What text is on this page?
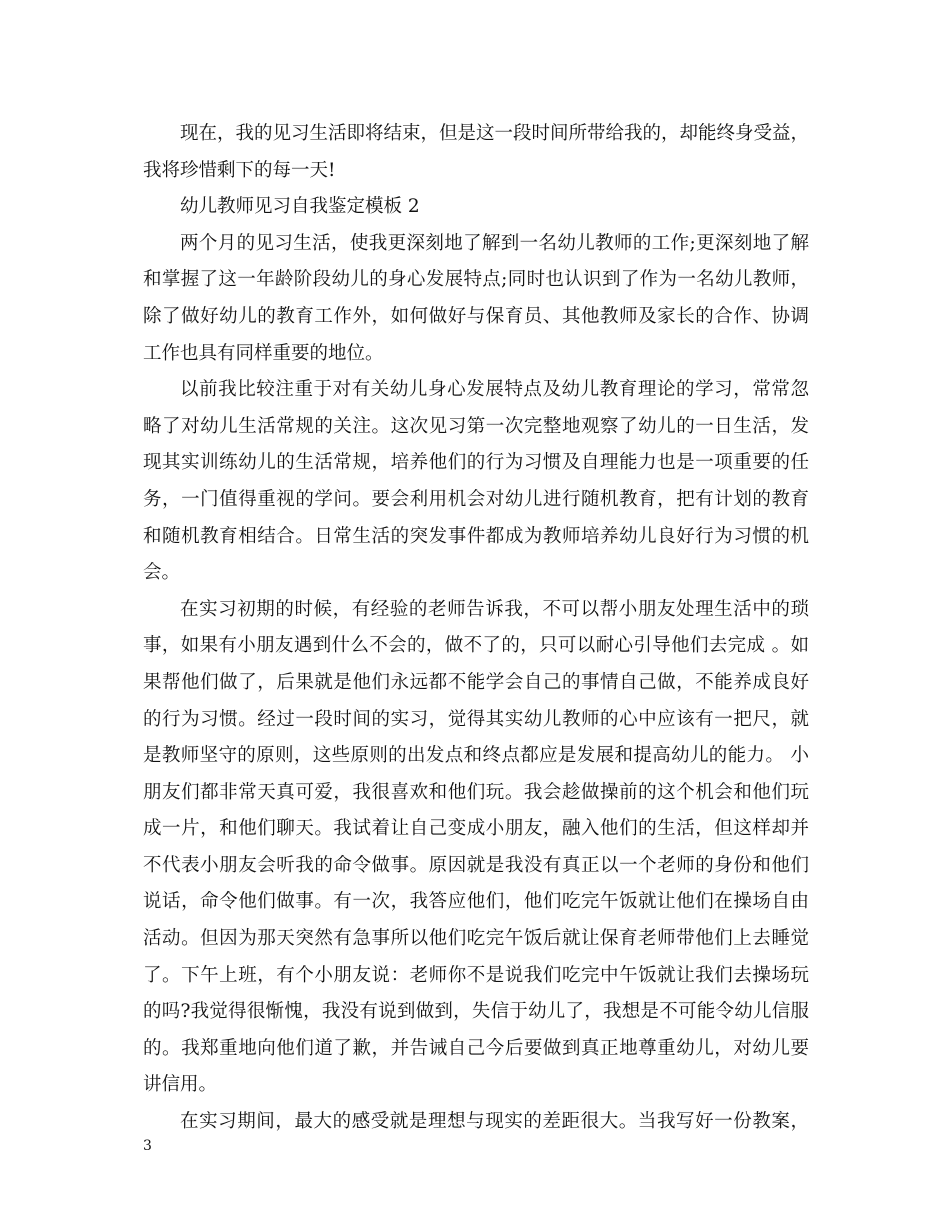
现在，我的见习生活即将结束，但是这一段时间所带给我的，却能终身受益，
我将珍惜剩下的每一天!
幼儿教师见习自我鉴定模板 2
两个月的见习生活，使我更深刻地了解到一名幼儿教师的工作;更深刻地了解
和掌握了这一年龄阶段幼儿的身心发展特点;同时也认识到了作为一名幼儿教师，
除了做好幼儿的教育工作外，如何做好与保育员、其他教师及家长的合作、协调
工作也具有同样重要的地位。
以前我比较注重于对有关幼儿身心发展特点及幼儿教育理论的学习，常常忽
略了对幼儿生活常规的关注。这次见习第一次完整地观察了幼儿的一日生活，发
现其实训练幼儿的生活常规，培养他们的行为习惯及自理能力也是一项重要的任
务，一门值得重视的学问。要会利用机会对幼儿进行随机教育，把有计划的教育
和随机教育相结合。日常生活的突发事件都成为教师培养幼儿良好行为习惯的机
会。
在实习初期的时候，有经验的老师告诉我，不可以帮小朋友处理生活中的琐
事，如果有小朋友遇到什么不会的，做不了的，只可以耐心引导他们去完成 。如
果帮他们做了，后果就是他们永远都不能学会自己的事情自己做，不能养成良好
的行为习惯。经过一段时间的实习，觉得其实幼儿教师的心中应该有一把尺，就
是教师坚守的原则，这些原则的出发点和终点都应是发展和提高幼儿的能力。 小
朋友们都非常天真可爱，我很喜欢和他们玩。我会趁做操前的这个机会和他们玩
成一片，和他们聊天。我试着让自己变成小朋友，融入他们的生活，但这样却并
不代表小朋友会听我的命令做事。原因就是我没有真正以一个老师的身份和他们
说话，命令他们做事。有一次，我答应他们，他们吃完午饭就让他们在操场自由
活动。但因为那天突然有急事所以他们吃完午饭后就让保育老师带他们上去睡觉
了。下午上班，有个小朋友说：老师你不是说我们吃完中午饭就让我们去操场玩
的吗?我觉得很惭愧，我没有说到做到，失信于幼儿了，我想是不可能令幼儿信服
的。我郑重地向他们道了歉，并告诫自己今后要做到真正地尊重幼儿，对幼儿要
讲信用。
在实习期间，最大的感受就是理想与现实的差距很大。当我写好一份教案，
3
